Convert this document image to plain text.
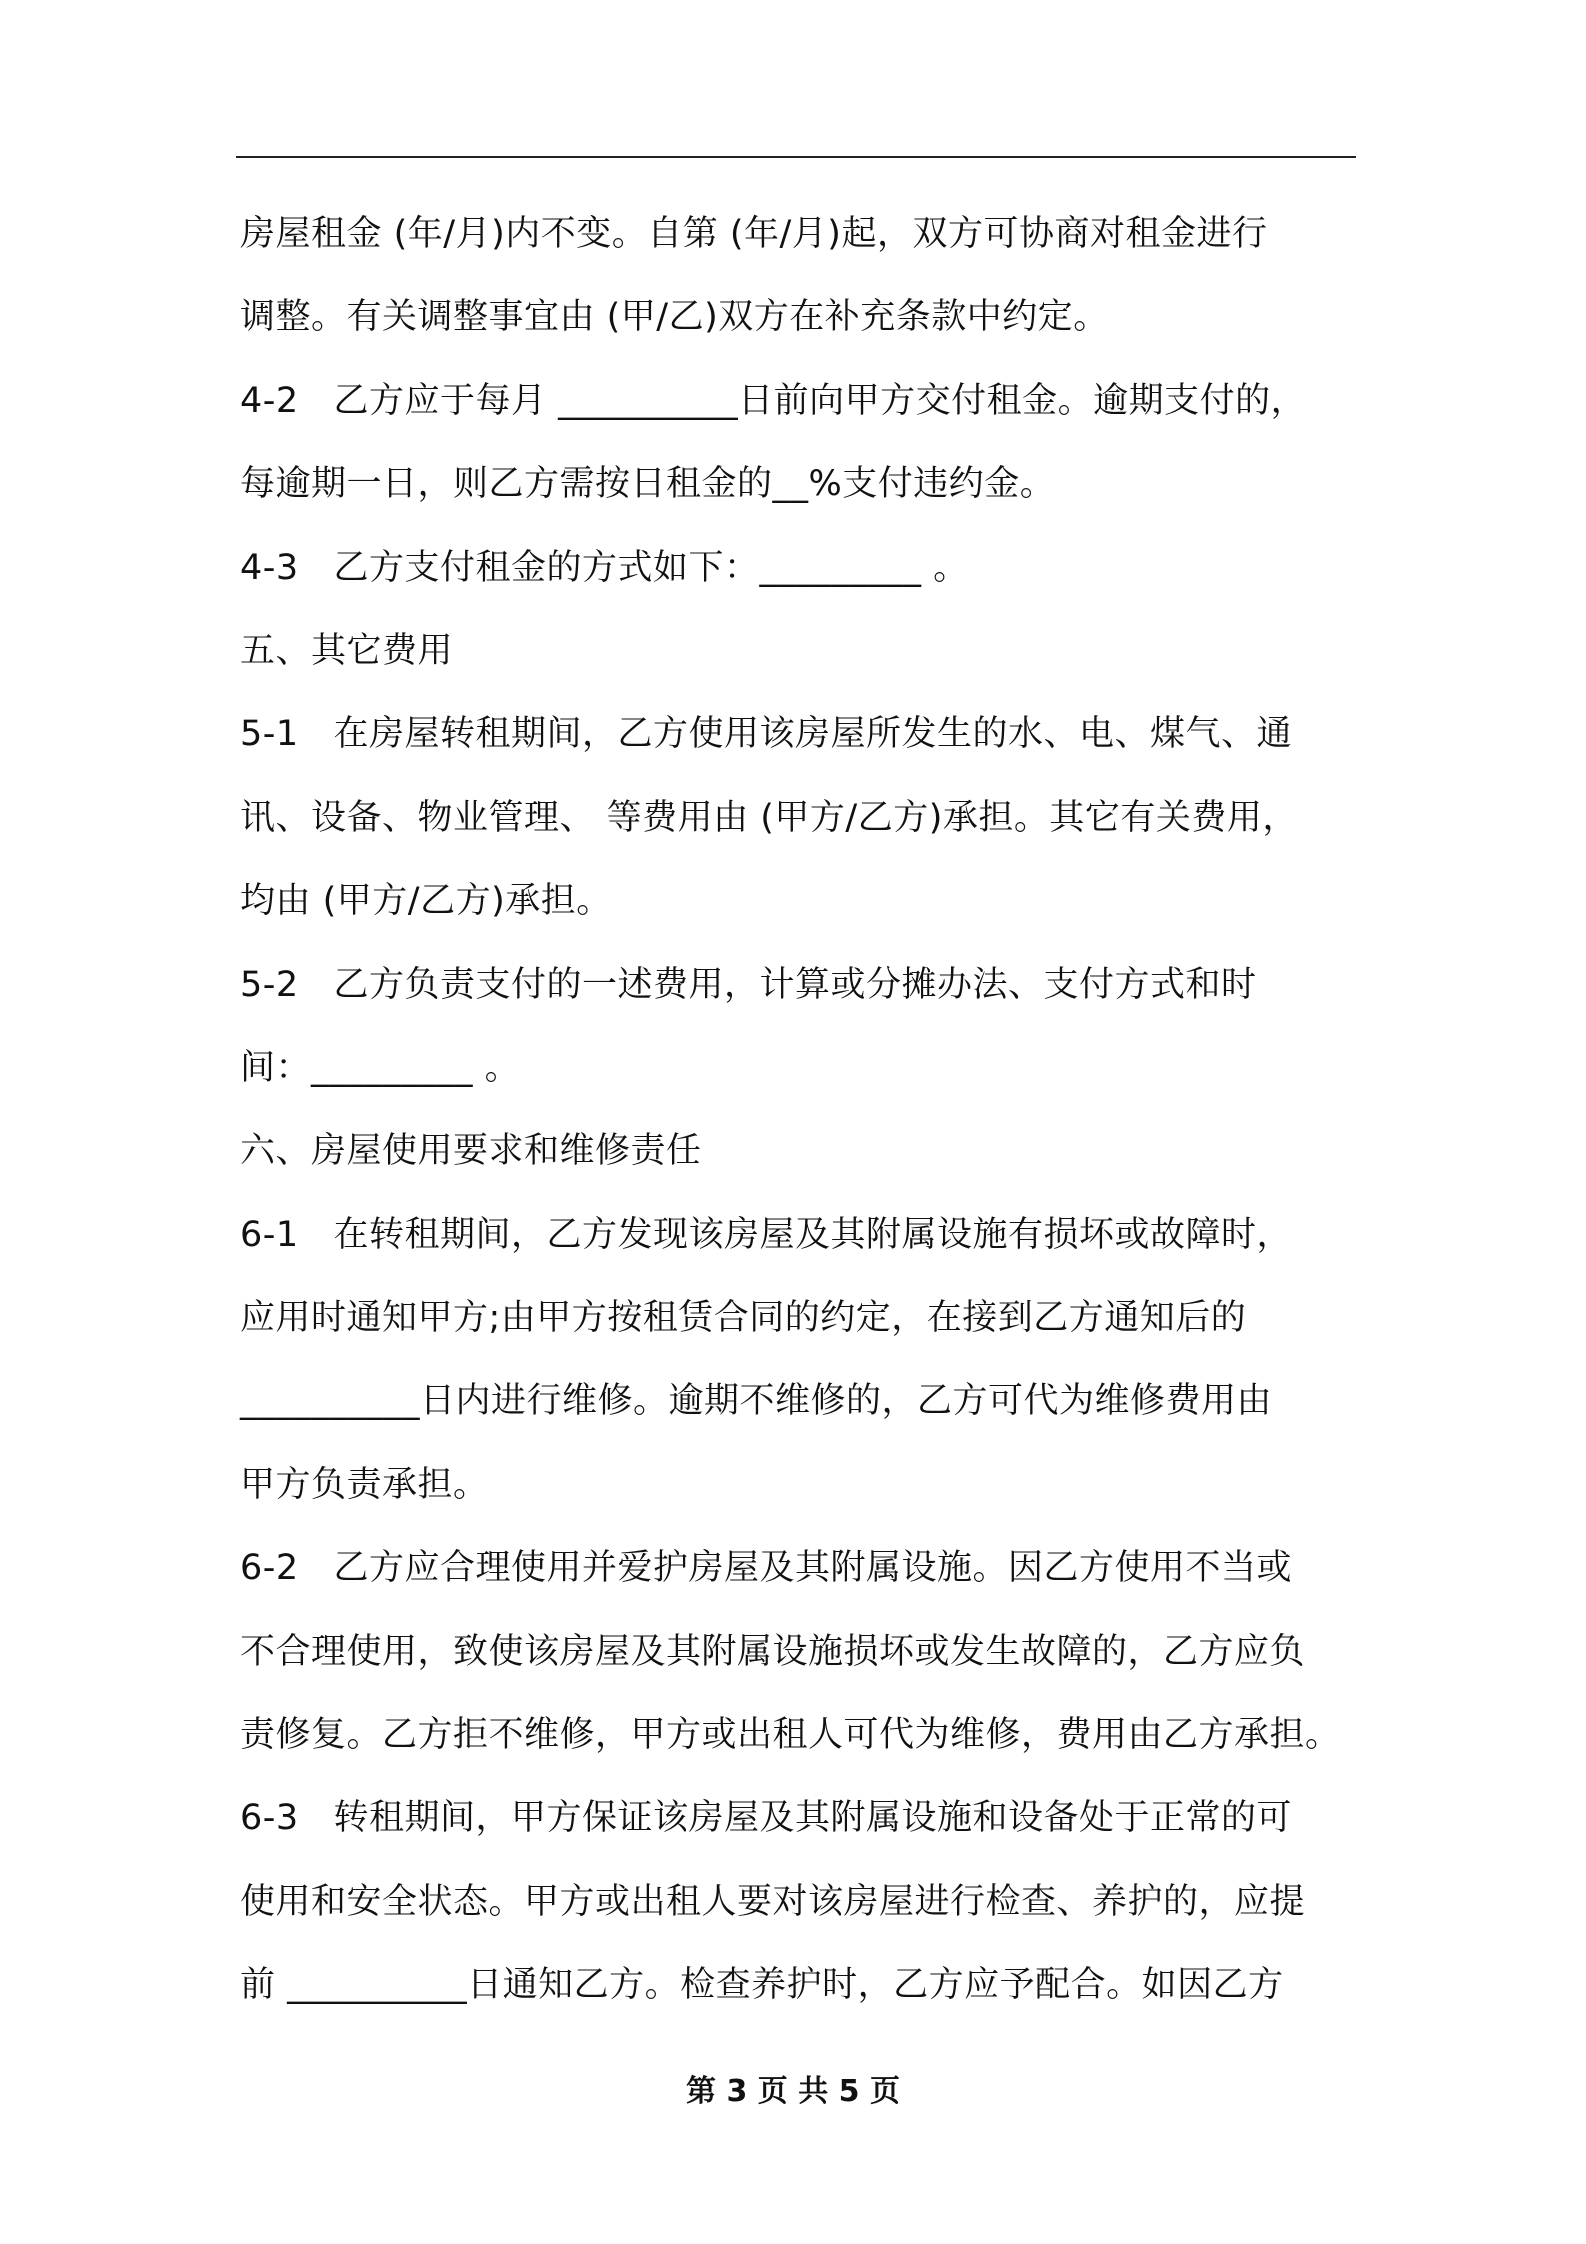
房屋租金 (年/月)内不变。自第 (年/月)起，双方可协商对租金进行
调整。有关调整事宜由 (甲/乙)双方在补充条款中约定。
4-2   乙方应于每月 __________日前向甲方交付租金。逾期支付的，
每逾期一日，则乙方需按日租金的__%支付违约金。
4-3   乙方支付租金的方式如下：_________ 。
五、其它费用
5-1   在房屋转租期间，乙方使用该房屋所发生的水、电、煤气、通
讯、设备、物业管理、 等费用由 (甲方/乙方)承担。其它有关费用，
均由 (甲方/乙方)承担。
5-2   乙方负责支付的一述费用，计算或分摊办法、支付方式和时
间：_________ 。
六、房屋使用要求和维修责任
6-1   在转租期间，乙方发现该房屋及其附属设施有损坏或故障时，
应用时通知甲方;由甲方按租赁合同的约定，在接到乙方通知后的
__________日内进行维修。逾期不维修的，乙方可代为维修费用由
甲方负责承担。
6-2   乙方应合理使用并爱护房屋及其附属设施。因乙方使用不当或
不合理使用，致使该房屋及其附属设施损坏或发生故障的，乙方应负
责修复。乙方拒不维修，甲方或出租人可代为维修，费用由乙方承担。
6-3   转租期间，甲方保证该房屋及其附属设施和设备处于正常的可
使用和安全状态。甲方或出租人要对该房屋进行检查、养护的，应提
前 __________日通知乙方。检查养护时，乙方应予配合。如因乙方
第 3 页 共 5 页
